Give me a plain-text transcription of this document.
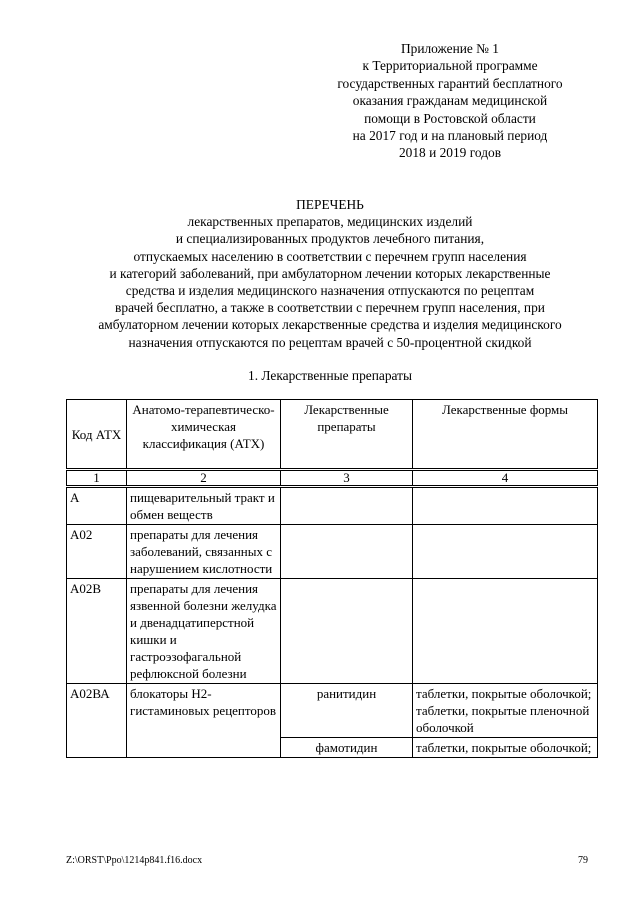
Приложение № 1
к Территориальной программе
государственных гарантий бесплатного
оказания гражданам медицинской
помощи в Ростовской области
на 2017 год и на плановый период
2018 и 2019 годов
ПЕРЕЧЕНЬ
лекарственных препаратов, медицинских изделий
и специализированных продуктов лечебного питания,
отпускаемых населению в соответствии с перечнем групп населения
и категорий заболеваний, при амбулаторном лечении которых лекарственные
средства и изделия медицинского назначения отпускаются по рецептам
врачей бесплатно, а также в соответствии с перечнем групп населения, при
амбулаторном лечении которых лекарственные средства и изделия медицинского
назначения отпускаются по рецептам врачей с 50-процентной скидкой
1. Лекарственные препараты
Код АТХ	Анатомо-терапевтическо-химическая классификация (АТХ)	Лекарственные препараты	Лекарственные формы
1	2	3	4
А	пищеварительный тракт и обмен веществ		
А02	препараты для лечения заболеваний, связанных с нарушением кислотности		
А02В	препараты для лечения язвенной болезни желудка и двенадцатиперстной кишки и гастроэзофагальной рефлюксной болезни		
А02ВА	блокаторы Н2-гистаминовых рецепторов	ранитидин	таблетки, покрытые оболочкой; таблетки, покрытые пленочной оболочкой
		фамотидин	таблетки, покрытые оболочкой;
Z:\ORST\Ppo\1214p841.f16.docx	79
